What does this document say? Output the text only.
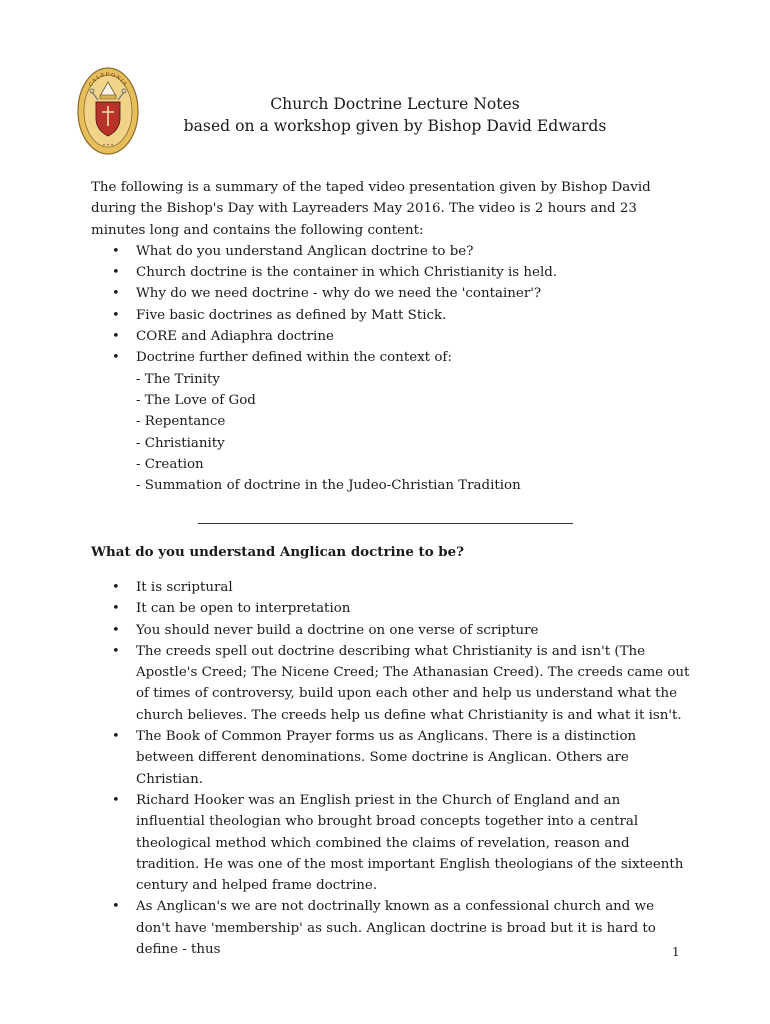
CALEDONIA
✦ ✦ ✦
Church Doctrine Lecture Notes
based on a workshop given by Bishop David Edwards

The following is a summary of the taped video presentation given by Bishop David during the Bishop's Day with Layreaders May 2016. The video is 2 hours and 23 minutes long and contains the following content:

• What do you understand Anglican doctrine to be?
• Church doctrine is the container in which Christianity is held.
• Why do we need doctrine - why do we need the 'container'?
• Five basic doctrines as defined by Matt Stick.
• CORE and Adiaphra doctrine
• Doctrine further defined within the context of:
- The Trinity
- The Love of God
- Repentance
- Christianity
- Creation
- Summation of doctrine in the Judeo-Christian Tradition
What do you understand Anglican doctrine to be?
• It is scriptural
• It can be open to interpretation
• You should never build a doctrine on one verse of scripture
• The creeds spell out doctrine describing what Christianity is and isn't (The Apostle's Creed; The Nicene Creed; The Athanasian Creed). The creeds came out of times of controversy, build upon each other and help us understand what the church believes. The creeds help us define what Christianity is and what it isn't.
• The Book of Common Prayer forms us as Anglicans. There is a distinction between different denominations. Some doctrine is Anglican. Others are Christian.
• Richard Hooker was an English priest in the Church of England and an influential theologian who brought broad concepts together into a central theological method which combined the claims of revelation, reason and tradition. He was one of the most important English theologians of the sixteenth century and helped frame doctrine.
• As Anglican's we are not doctrinally known as a confessional church and we don't have 'membership' as such. Anglican doctrine is broad but it is hard to define - thus	1
